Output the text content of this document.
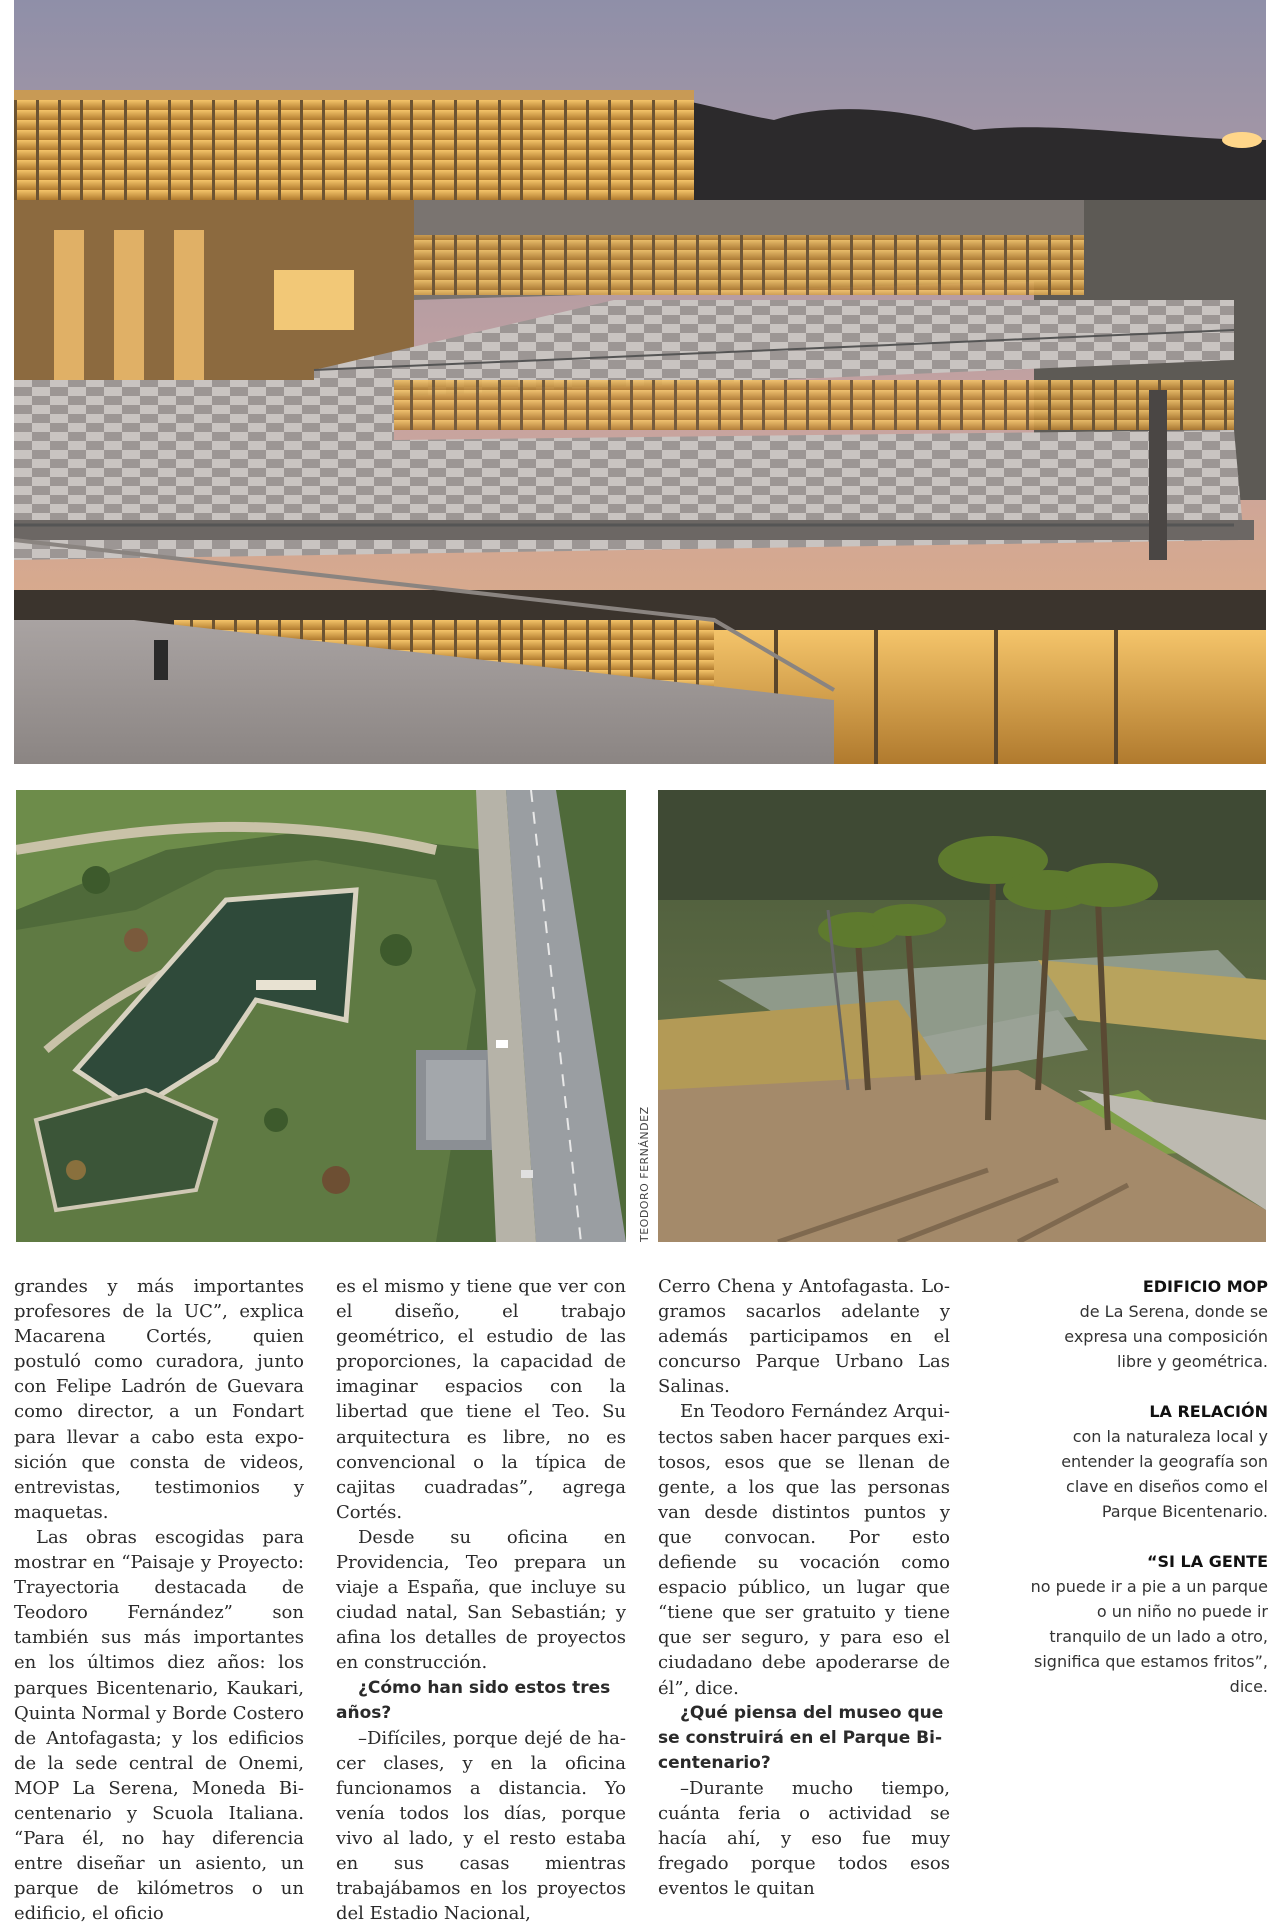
TEODORO FERNÁNDEZ

grandes y más importantes profesores de la UC”, explica Macarena Cortés, quien postuló como curadora, junto con Felipe Ladrón de Guevara como director, a un Fondart para llevar a cabo esta exposición que consta de videos, entrevistas, testimonios y maquetas.

Las obras escogidas para mostrar en “Paisaje y Proyecto: Trayectoria destacada de Teodoro Fernández” son también sus más importantes en los últimos diez años: los parques Bicentenario, Kaukari, Quinta Normal y Borde Costero de Antofagasta; y los edificios de la sede central de Onemi, MOP La Serena, Moneda Bicentenario y Scuola Italiana. “Para él, no hay diferencia entre diseñar un asiento, un parque de kilómetros o un edificio, el oficio

es el mismo y tiene que ver con el diseño, el trabajo geométrico, el estudio de las proporciones, la capacidad de imaginar espacios con la libertad que tiene el Teo. Su arquitectura es libre, no es convencional o la típica de cajitas cuadradas”, agrega Cortés.

Desde su oficina en Providencia, Teo prepara un viaje a España, que incluye su ciudad natal, San Sebastián; y afina los detalles de proyectos en construcción.

¿Cómo han sido estos tres años?

–Difíciles, porque dejé de hacer clases, y en la oficina funcionamos a distancia. Yo venía todos los días, porque vivo al lado, y el resto estaba en sus casas mientras trabajábamos en los proyectos del Estadio Nacional,

Cerro Chena y Antofagasta. Logramos sacarlos adelante y además participamos en el concurso Parque Urbano Las Salinas.

En Teodoro Fernández Arquitectos saben hacer parques exitosos, esos que se llenan de gente, a los que las personas van desde distintos puntos y que convocan. Por esto defiende su vocación como espacio público, un lugar que “tiene que ser gratuito y tiene que ser seguro, y para eso el ciudadano debe apoderarse de él”, dice.

¿Qué piensa del museo que se construirá en el Parque Bicentenario?

–Durante mucho tiempo, cuánta feria o actividad se hacía ahí, y eso fue muy fregado porque todos esos eventos le quitan

EDIFICIO MOP
de La Serena, donde se expresa una composición libre y geométrica.
LA RELACIÓN
con la naturaleza local y entender la geografía son clave en diseños como el Parque Bicentenario.
“SI LA GENTE
no puede ir a pie a un parque o un niño no puede ir tranquilo de un lado a otro, significa que estamos fritos”, dice.
